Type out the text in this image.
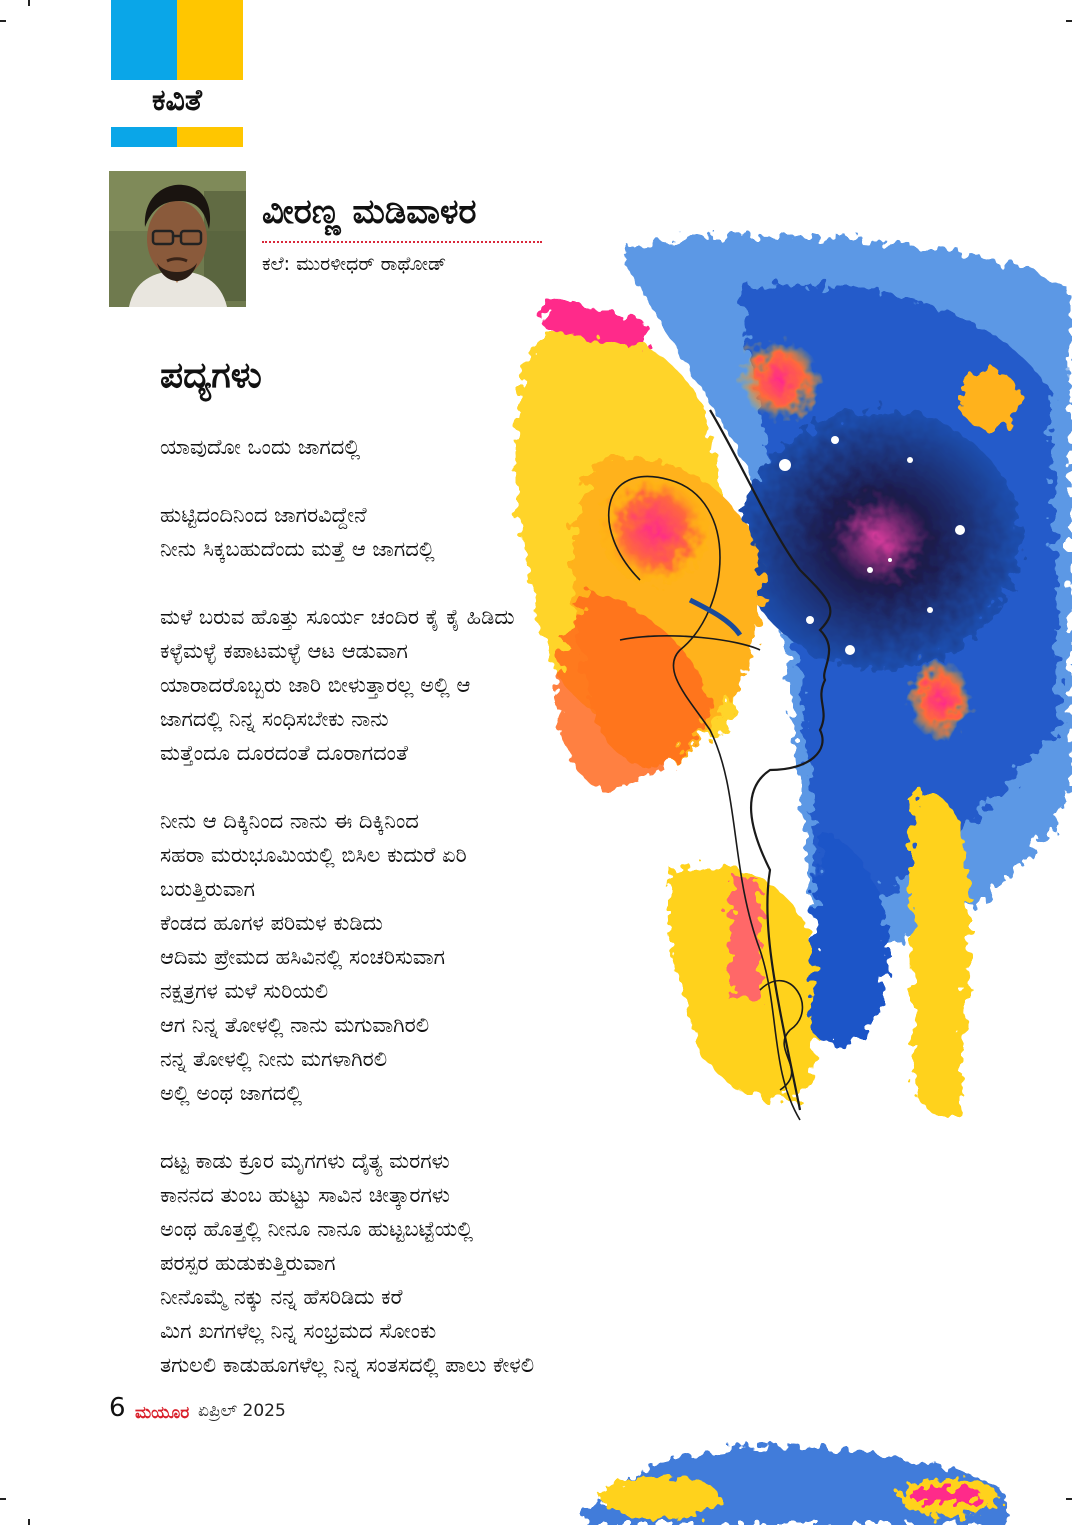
ಕವಿತೆ
ವೀರಣ್ಣ ಮಡಿವಾಳರ
ಕಲೆ: ಮುರಳೀಧರ್ ರಾಥೋಡ್
ಪದ್ಯಗಳು
ಯಾವುದೋ ಒಂದು ಜಾಗದಲ್ಲಿ
ಹುಟ್ಟಿದಂದಿನಿಂದ ಜಾಗರವಿದ್ದೇನೆ
ನೀನು ಸಿಕ್ಕಬಹುದೆಂದು ಮತ್ತೆ ಆ ಜಾಗದಲ್ಲಿ
ಮಳೆ ಬರುವ ಹೊತ್ತು ಸೂರ್ಯ ಚಂದಿರ ಕೈ ಕೈ ಹಿಡಿದು
ಕಳ್ಳೆಮಳ್ಳೆ ಕಪಾಟಮಳ್ಳೆ ಆಟ ಆಡುವಾಗ
ಯಾರಾದರೊಬ್ಬರು ಜಾರಿ ಬೀಳುತ್ತಾರಲ್ಲ ಅಲ್ಲಿ ಆ
ಜಾಗದಲ್ಲಿ ನಿನ್ನ ಸಂಧಿಸಬೇಕು ನಾನು
ಮತ್ತೆಂದೂ ದೂರದಂತೆ ದೂರಾಗದಂತೆ
ನೀನು ಆ ದಿಕ್ಕಿನಿಂದ ನಾನು ಈ ದಿಕ್ಕಿನಿಂದ
ಸಹರಾ ಮರುಭೂಮಿಯಲ್ಲಿ ಬಿಸಿಲ ಕುದುರೆ ಏರಿ
ಬರುತ್ತಿರುವಾಗ
ಕೆಂಡದ ಹೂಗಳ ಪರಿಮಳ ಕುಡಿದು
ಆದಿಮ ಪ್ರೇಮದ ಹಸಿವಿನಲ್ಲಿ ಸಂಚರಿಸುವಾಗ
ನಕ್ಷತ್ರಗಳ ಮಳೆ ಸುರಿಯಲಿ
ಆಗ ನಿನ್ನ ತೋಳಲ್ಲಿ ನಾನು ಮಗುವಾಗಿರಲಿ
ನನ್ನ ತೋಳಲ್ಲಿ ನೀನು ಮಗಳಾಗಿರಲಿ
ಅಲ್ಲಿ ಅಂಥ ಜಾಗದಲ್ಲಿ
ದಟ್ಟ ಕಾಡು ಕ್ರೂರ ಮೃಗಗಳು ದೈತ್ಯ ಮರಗಳು
ಕಾನನದ ತುಂಬ ಹುಟ್ಟು ಸಾವಿನ ಚೀತ್ಕಾರಗಳು
ಅಂಥ ಹೊತ್ತಲ್ಲಿ ನೀನೂ ನಾನೂ ಹುಟ್ಟಬಟ್ಟೆಯಲ್ಲಿ
ಪರಸ್ಪರ ಹುಡುಕುತ್ತಿರುವಾಗ
ನೀನೊಮ್ಮೆ ನಕ್ಕು ನನ್ನ ಹೆಸರಿಡಿದು ಕರೆ
ಮಿಗ ಖಗಗಳೆಲ್ಲ ನಿನ್ನ ಸಂಭ್ರಮದ ಸೋಂಕು
ತಗುಲಲಿ ಕಾಡುಹೂಗಳೆಲ್ಲ ನಿನ್ನ ಸಂತಸದಲ್ಲಿ ಪಾಲು ಕೇಳಲಿ
6 ಮಯೂರ ಏಪ್ರಿಲ್ 2025
